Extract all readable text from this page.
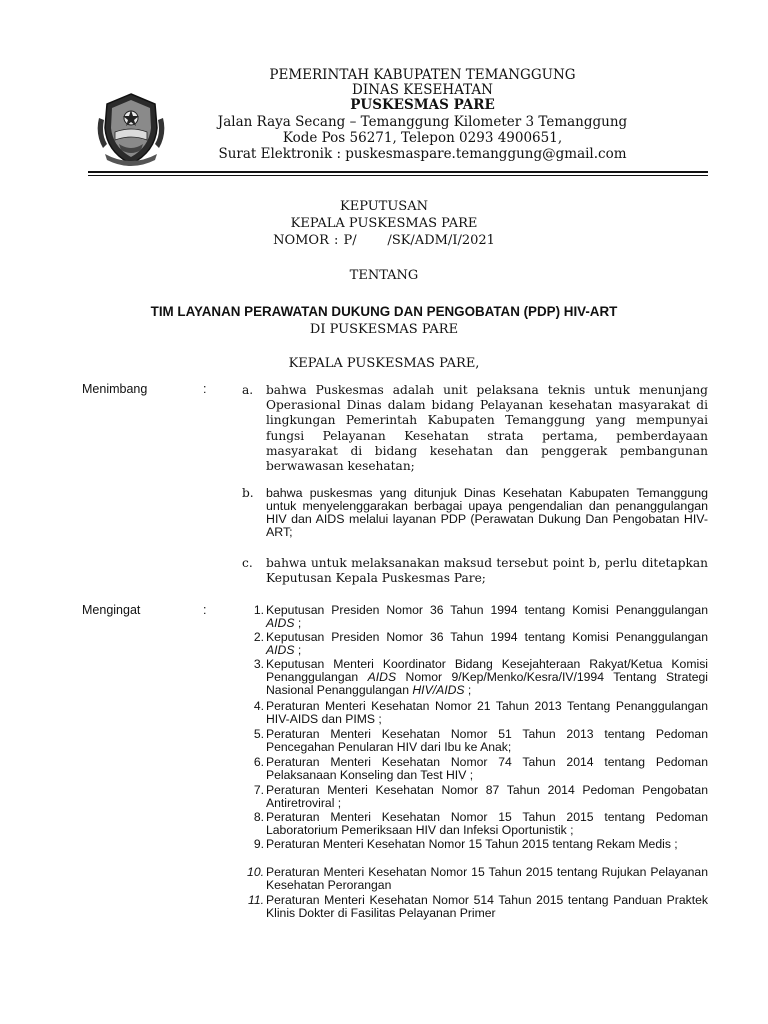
PEMERINTAH KABUPATEN TEMANGGUNG
DINAS KESEHATAN
PUSKESMAS PARE
Jalan Raya Secang – Temanggung Kilometer 3 Temanggung
Kode Pos 56271, Telepon 0293 4900651,
Surat Elektronik : puskesmaspare.temanggung@gmail.com
KEPUTUSAN
KEPALA PUSKESMAS PARE
NOMOR : P/      /SK/ADM/I/2021
TENTANG
TIM LAYANAN PERAWATAN DUKUNG DAN PENGOBATAN (PDP) HIV-ART
DI PUSKESMAS PARE
KEPALA PUSKESMAS PARE,
Menimbang	:	a.	bahwa Puskesmas adalah unit pelaksana teknis untuk menunjang Operasional Dinas dalam bidang Pelayanan kesehatan masyarakat di lingkungan Pemerintah Kabupaten Temanggung yang mempunyai fungsi Pelayanan Kesehatan strata pertama, pemberdayaan masyarakat di bidang kesehatan dan penggerak pembangunan berwawasan kesehatan;
b. bahwa puskesmas yang ditunjuk Dinas Kesehatan Kabupaten Temanggung untuk menyelenggarakan berbagai upaya pengendalian dan penanggulangan HIV dan AIDS melalui layanan PDP (Perawatan Dukung Dan Pengobatan HIV-ART;
c.	bahwa untuk melaksanakan maksud tersebut point b, perlu ditetapkan Keputusan Kepala Puskesmas Pare;
Mengingat	:	1. Keputusan Presiden Nomor 36 Tahun 1994 tentang Komisi Penanggulangan AIDS ;
2. Keputusan Presiden Nomor 36 Tahun 1994 tentang Komisi Penanggulangan AIDS ;
3. Keputusan Menteri Koordinator Bidang Kesejahteraan Rakyat/Ketua Komisi Penanggulangan AIDS Nomor 9/Kep/Menko/Kesra/IV/1994 Tentang Strategi Nasional Penanggulangan HIV/AIDS ;
4. Peraturan Menteri Kesehatan Nomor 21 Tahun 2013 Tentang Penanggulangan HIV-AIDS dan PIMS ;
5. Peraturan Menteri Kesehatan Nomor 51 Tahun 2013 tentang Pedoman Pencegahan Penularan HIV dari Ibu ke Anak;
6. Peraturan Menteri Kesehatan Nomor 74 Tahun 2014 tentang Pedoman Pelaksanaan Konseling dan Test HIV ;
7. Peraturan Menteri Kesehatan Nomor 87 Tahun 2014 Pedoman Pengobatan Antiretroviral ;
8. Peraturan Menteri Kesehatan Nomor 15 Tahun 2015 tentang Pedoman Laboratorium Pemeriksaan HIV dan Infeksi Oportunistik ;
9. Peraturan Menteri Kesehatan Nomor 15 Tahun 2015 tentang Rekam Medis ;
10. Peraturan Menteri Kesehatan Nomor 15 Tahun 2015 tentang Rujukan Pelayanan Kesehatan Perorangan
11. Peraturan Menteri Kesehatan Nomor 514 Tahun 2015 tentang Panduan Praktek Klinis Dokter di Fasilitas Pelayanan Primer
